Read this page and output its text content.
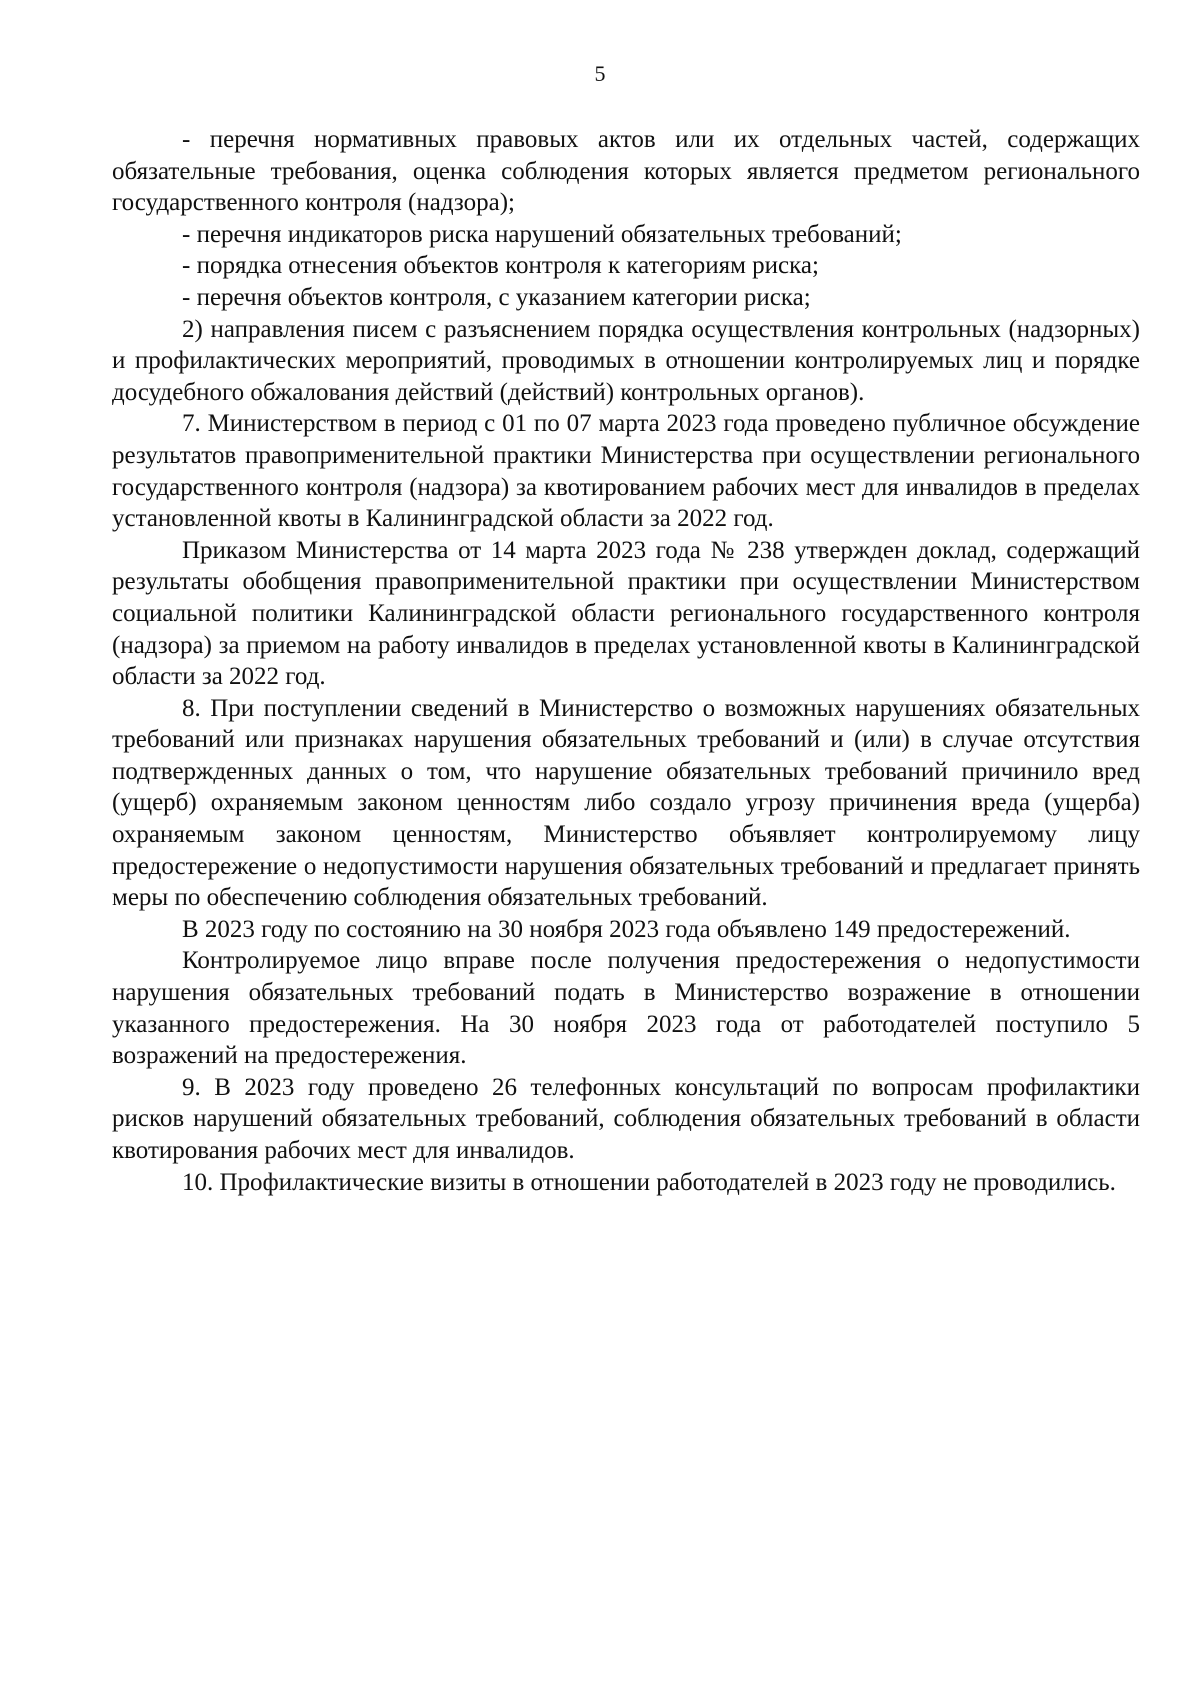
5

- перечня нормативных правовых актов или их отдельных частей, содержащих обязательные требования, оценка соблюдения которых является предметом регионального государственного контроля (надзора);

- перечня индикаторов риска нарушений обязательных требований;

- порядка отнесения объектов контроля к категориям риска;

- перечня объектов контроля, с указанием категории риска;

2) направления писем с разъяснением порядка осуществления контрольных (надзорных) и профилактических мероприятий, проводимых в отношении контролируемых лиц и порядке досудебного обжалования действий (действий) контрольных органов).

7. Министерством в период с 01 по 07 марта 2023 года проведено публичное обсуждение результатов правоприменительной практики Министерства при осуществлении регионального государственного контроля (надзора) за квотированием рабочих мест для инвалидов в пределах установленной квоты в Калининградской области за 2022 год.

Приказом Министерства от 14 марта 2023 года № 238 утвержден доклад, содержащий результаты обобщения правоприменительной практики при осуществлении Министерством социальной политики Калининградской области регионального государственного контроля (надзора) за приемом на работу инвалидов в пределах установленной квоты в Калининградской области за 2022 год.

8. При поступлении сведений в Министерство о возможных нарушениях обязательных требований или признаках нарушения обязательных требований и (или) в случае отсутствия подтвержденных данных о том, что нарушение обязательных требований причинило вред (ущерб) охраняемым законом ценностям либо создало угрозу причинения вреда (ущерба) охраняемым законом ценностям, Министерство объявляет контролируемому лицу предостережение о недопустимости нарушения обязательных требований и предлагает принять меры по обеспечению соблюдения обязательных требований.

В 2023 году по состоянию на 30 ноября 2023 года объявлено 149 предостережений.

Контролируемое лицо вправе после получения предостережения о недопустимости нарушения обязательных требований подать в Министерство возражение в отношении указанного предостережения. На 30 ноября 2023 года от работодателей поступило 5 возражений на предостережения.

9. В 2023 году проведено 26 телефонных консультаций по вопросам профилактики рисков нарушений обязательных требований, соблюдения обязательных требований в области квотирования рабочих мест для инвалидов.

10. Профилактические визиты в отношении работодателей в 2023 году не проводились.
